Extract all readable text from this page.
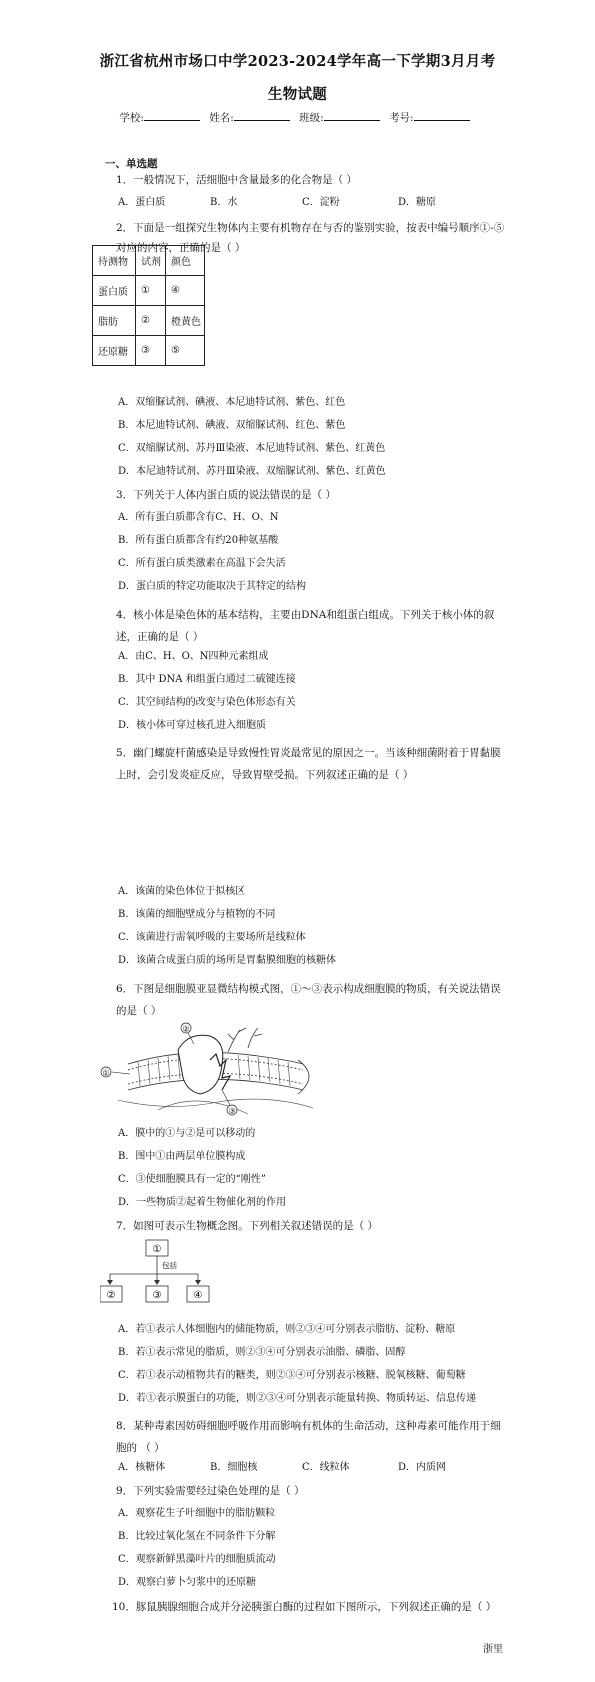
浙江省杭州市场口中学2023-2024学年高一下学期3月月考
生物试题
学校:	姓名:	班级:	考号:
一、单选题
1．一般情况下，活细胞中含量最多的化合物是（ ）
A．蛋白质	B．水	C．淀粉	D．糖原
2．下面是一组探究生物体内主要有机物存在与否的鉴别实验，按表中编号顺序①-⑤对应的内容，正确的是（ ）
待测物	试剂	颜色
蛋白质	①	④
脂肪	②	橙黄色
还原糖	③	⑤
A．双缩脲试剂、碘液、本尼迪特试剂、紫色、红色
B．本尼迪特试剂、碘液、双缩脲试剂、红色、紫色
C．双缩脲试剂、苏丹Ⅲ染液、本尼迪特试剂、紫色、红黄色
D．本尼迪特试剂、苏丹Ⅲ染液、双缩脲试剂、紫色、红黄色
3．下列关于人体内蛋白质的说法错误的是（ ）
A．所有蛋白质都含有C、H、O、N
B．所有蛋白质都含有约20种氨基酸
C．所有蛋白质类激素在高温下会失活
D．蛋白质的特定功能取决于其特定的结构
4．核小体是染色体的基本结构，主要由DNA和组蛋白组成。下列关于核小体的叙述，正确的是（ ）
A．由C、H、O、N四种元素组成
B．其中 DNA 和组蛋白通过二硫键连接
C．其空间结构的改变与染色体形态有关
D．核小体可穿过核孔进入细胞质
5．幽门螺旋杆菌感染是导致慢性胃炎最常见的原因之一。当该种细菌附着于胃黏膜上时，会引发炎症反应，导致胃壁受损。下列叙述正确的是（ ）
A．该菌的染色体位于拟核区
B．该菌的细胞壁成分与植物的不同
C．该菌进行需氧呼吸的主要场所是线粒体
D．该菌合成蛋白质的场所是胃黏膜细胞的核糖体
6．下图是细胞膜亚显微结构模式图，①～③表示构成细胞膜的物质，有关说法错误的是（ ）
①
②
③
A．膜中的①与②是可以移动的
B．图中①由两层单位膜构成
C．③使细胞膜具有一定的“刚性”
D．一些物质②起着生物催化剂的作用
7．如图可表示生物概念图。下列相关叙述错误的是（ ）
①
包括
②	③	④
A．若①表示人体细胞内的储能物质，则②③④可分别表示脂肪、淀粉、糖原
B．若①表示常见的脂质，则②③④可分别表示油脂、磷脂、固醇
C．若①表示动植物共有的糖类，则②③④可分别表示核糖、脱氧核糖、葡萄糖
D．若①表示膜蛋白的功能，则②③④可分别表示能量转换、物质转运、信息传递
8．某种毒素因妨碍细胞呼吸作用而影响有机体的生命活动，这种毒素可能作用于细胞的 （ ）
A．核糖体	B．细胞核	C．线粒体	D．内质网
9．下列实验需要经过染色处理的是（ ）
A．观察花生子叶细胞中的脂肪颗粒
B．比较过氧化氢在不同条件下分解
C．观察新鲜黑藻叶片的细胞质流动
D．观察白萝卜匀浆中的还原糖
10．豚鼠胰腺细胞合成并分泌胰蛋白酶的过程如下图所示，下列叙述正确的是（ ）
浙里
